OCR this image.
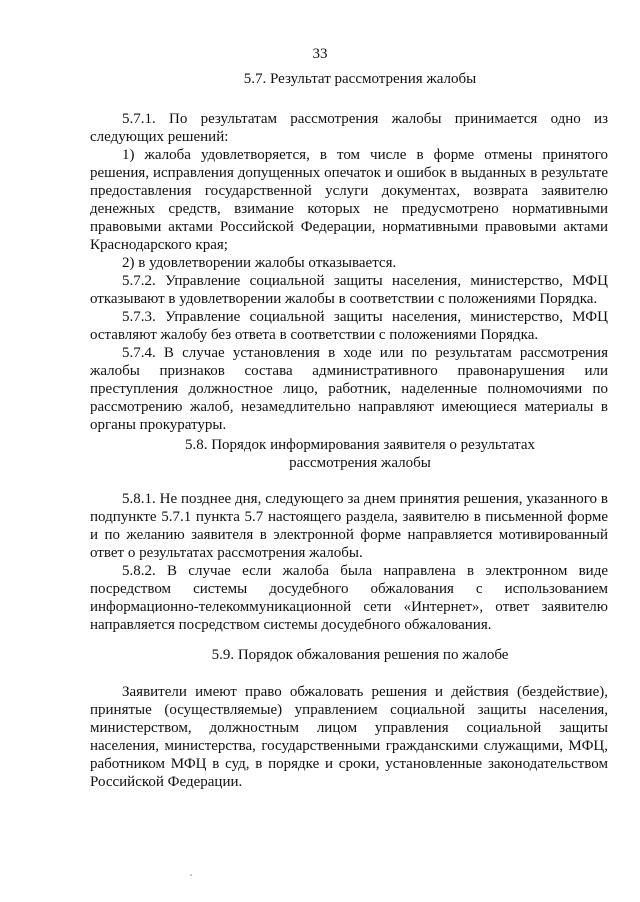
33
5.7. Результат рассмотрения жалобы

5.7.1. По результатам рассмотрения жалобы принимается одно из следующих решений:

1) жалоба удовлетворяется, в том числе в форме отмены принятого решения, исправления допущенных опечаток и ошибок в выданных в результате предоставления государственной услуги документах, возврата заявителю денежных средств, взимание которых не предусмотрено нормативными правовыми актами Российской Федерации, нормативными правовыми актами Краснодарского края;

2) в удовлетворении жалобы отказывается.

5.7.2. Управление социальной защиты населения, министерство, МФЦ отказывают в удовлетворении жалобы в соответствии с положениями Порядка.

5.7.3. Управление социальной защиты населения, министерство, МФЦ оставляют жалобу без ответа в соответствии с положениями Порядка.

5.7.4. В случае установления в ходе или по результатам рассмотрения жалобы признаков состава административного правонарушения или преступления должностное лицо, работник, наделенные полномочиями по рассмотрению жалоб, незамедлительно направляют имеющиеся материалы в органы прокуратуры.

5.8. Порядок информирования заявителя о результатах
рассмотрения жалобы

5.8.1. Не позднее дня, следующего за днем принятия решения, указанного в подпункте 5.7.1 пункта 5.7 настоящего раздела, заявителю в письменной форме и по желанию заявителя в электронной форме направляется мотивированный ответ о результатах рассмотрения жалобы.

5.8.2. В случае если жалоба была направлена в электронном виде посредством системы досудебного обжалования с использованием информационно-телекоммуникационной сети «Интернет», ответ заявителю направляется посредством системы досудебного обжалования.

5.9. Порядок обжалования решения по жалобе

Заявители имеют право обжаловать решения и действия (бездействие), принятые (осуществляемые) управлением социальной защиты населения, министерством, должностным лицом управления социальной защиты населения, министерства, государственными гражданскими служащими, МФЦ, работником МФЦ в суд, в порядке и сроки, установленные законодательством Российской Федерации.
